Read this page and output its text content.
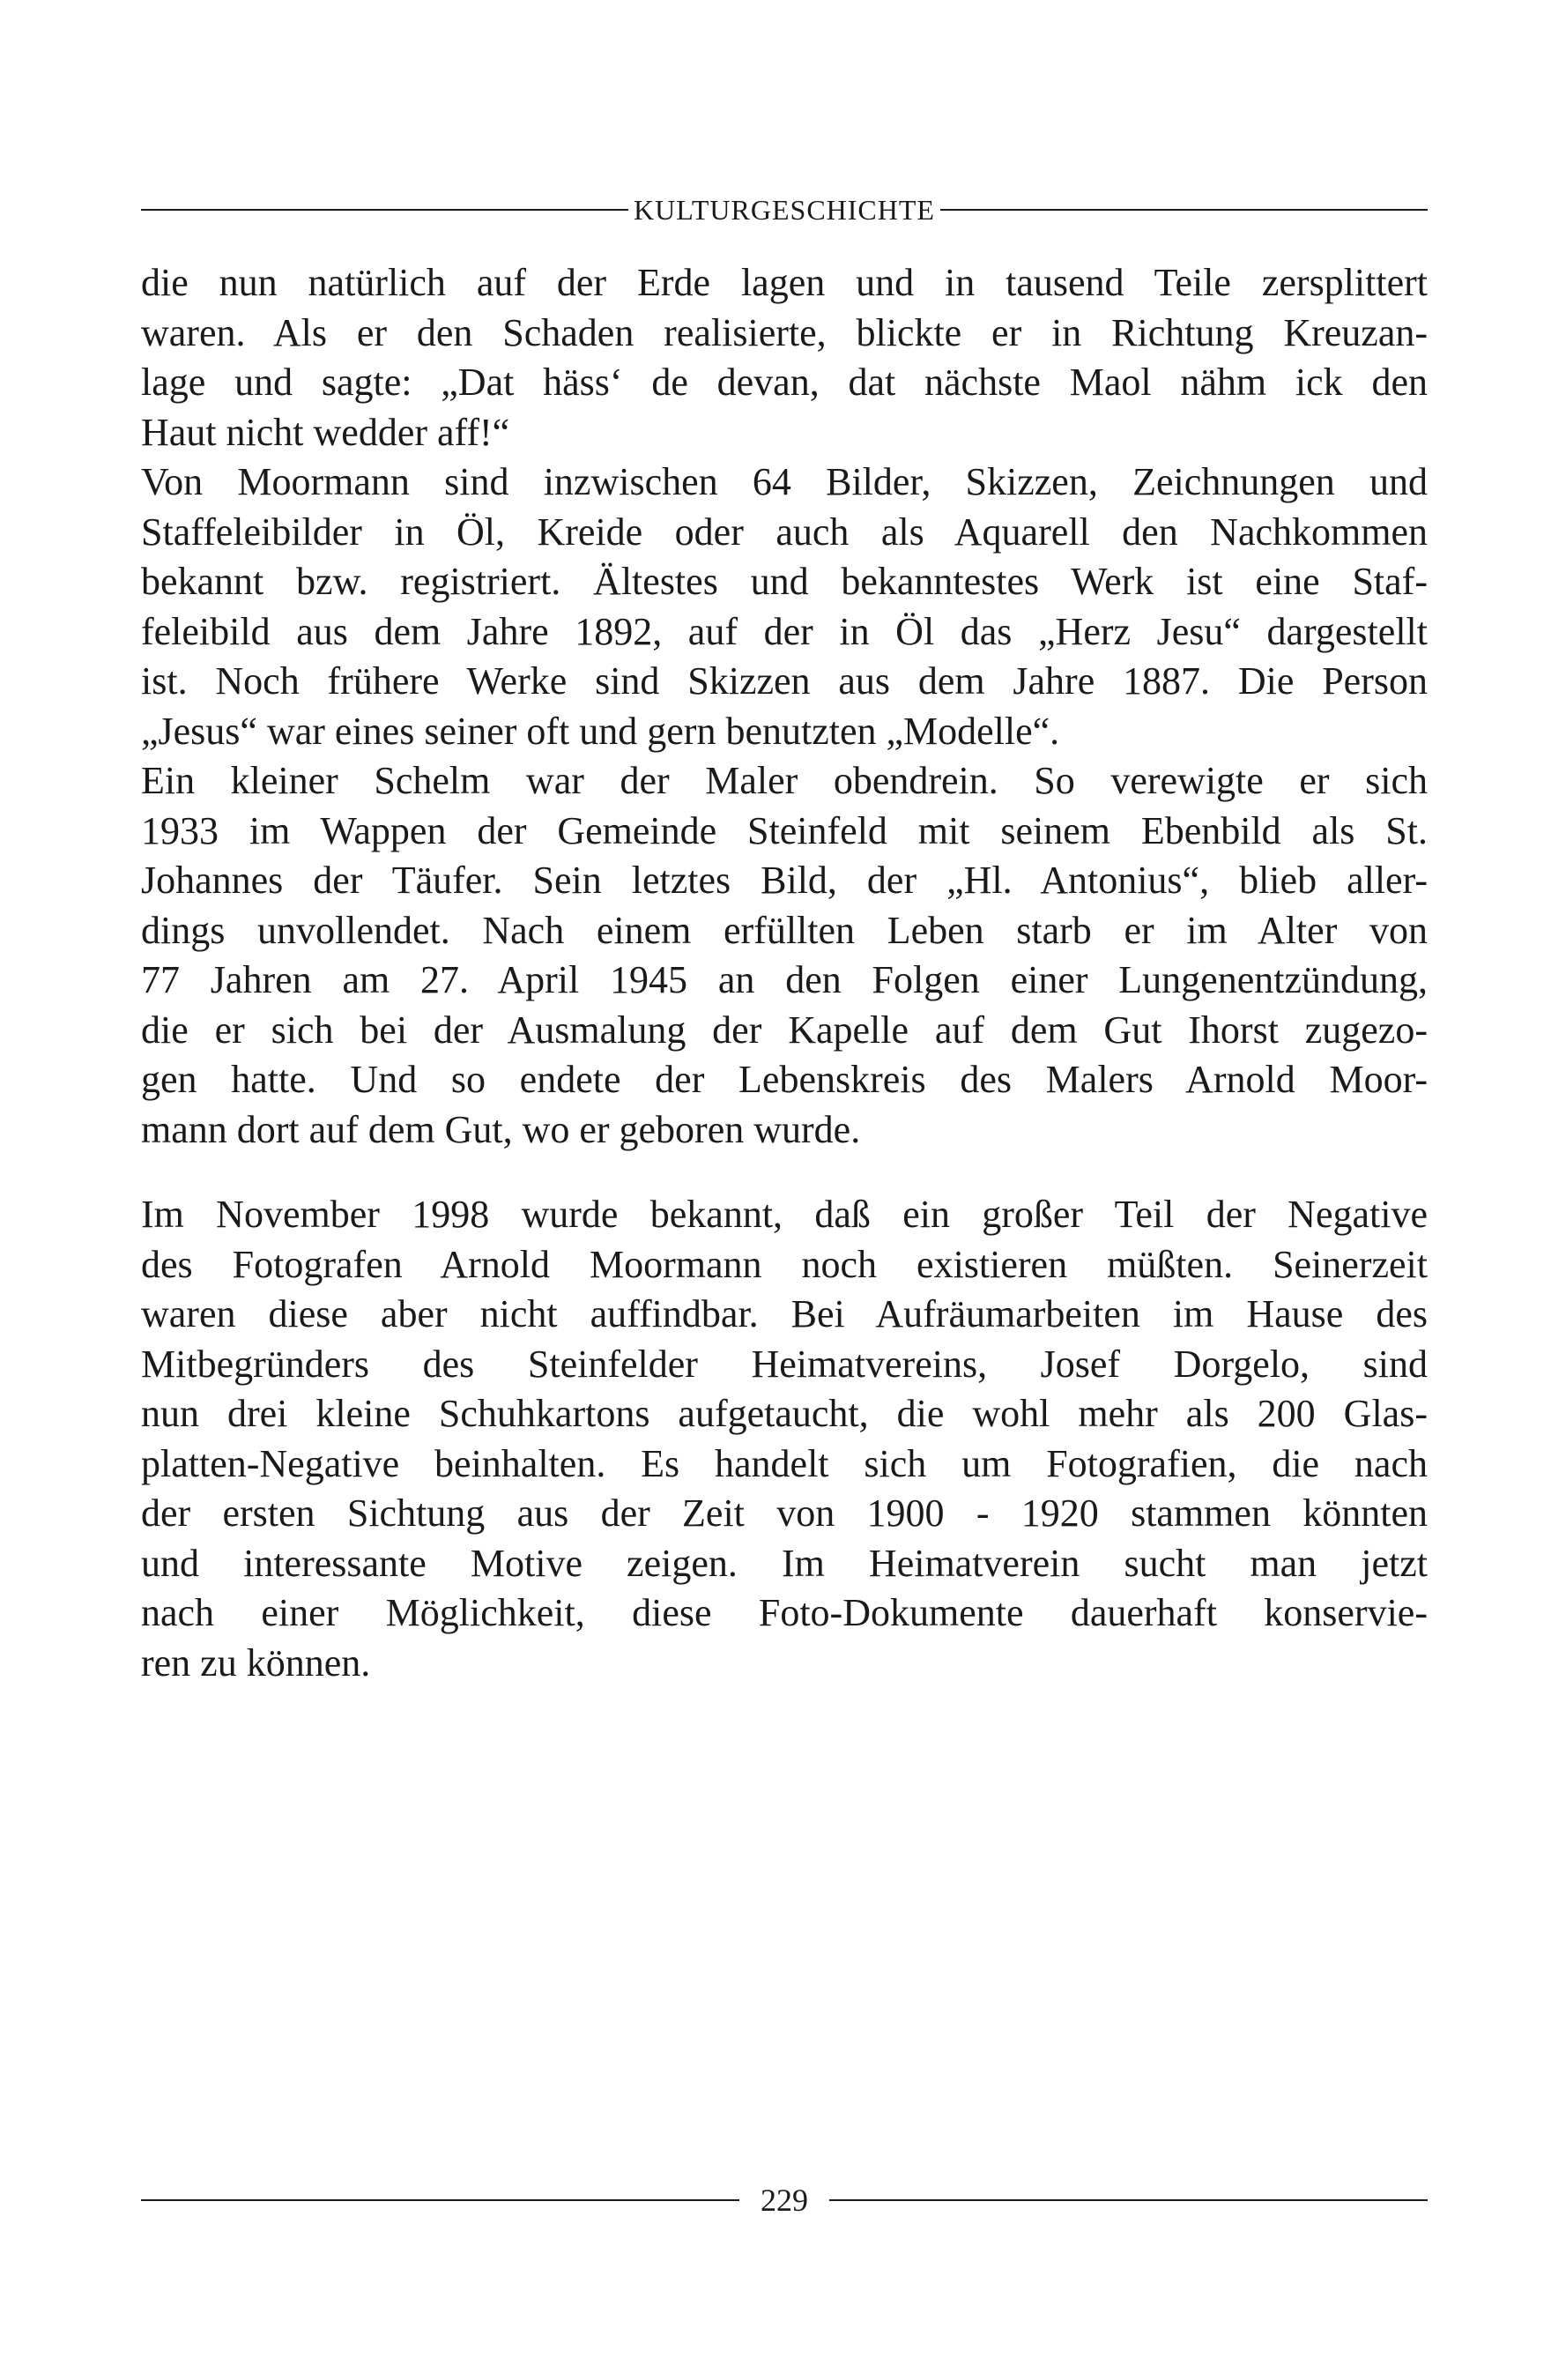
KULTURGESCHICHTE
die nun natürlich auf der Erde lagen und in tausend Teile zersplittert
waren. Als er den Schaden realisierte, blickte er in Richtung Kreuzan-
lage und sagte: „Dat häss‘ de devan, dat nächste Maol nähm ick den
Haut nicht wedder aff!“
Von Moormann sind inzwischen 64 Bilder, Skizzen, Zeichnungen und
Staffeleibilder in Öl, Kreide oder auch als Aquarell den Nachkommen
bekannt bzw. registriert. Ältestes und bekanntestes Werk ist eine Staf-
feleibild aus dem Jahre 1892, auf der in Öl das „Herz Jesu“ dargestellt
ist. Noch frühere Werke sind Skizzen aus dem Jahre 1887. Die Person
„Jesus“ war eines seiner oft und gern benutzten „Modelle“.
Ein kleiner Schelm war der Maler obendrein. So verewigte er sich
1933 im Wappen der Gemeinde Steinfeld mit seinem Ebenbild als St.
Johannes der Täufer. Sein letztes Bild, der „Hl. Antonius“, blieb aller-
dings unvollendet. Nach einem erfüllten Leben starb er im Alter von
77 Jahren am 27. April 1945 an den Folgen einer Lungenentzündung,
die er sich bei der Ausmalung der Kapelle auf dem Gut Ihorst zugezo-
gen hatte. Und so endete der Lebenskreis des Malers Arnold Moor-
mann dort auf dem Gut, wo er geboren wurde.
Im November 1998 wurde bekannt, daß ein großer Teil der Negative
des Fotografen Arnold Moormann noch existieren müßten. Seinerzeit
waren diese aber nicht auffindbar. Bei Aufräumarbeiten im Hause des
Mitbegründers des Steinfelder Heimatvereins, Josef Dorgelo, sind
nun drei kleine Schuhkartons aufgetaucht, die wohl mehr als 200 Glas-
platten-Negative beinhalten. Es handelt sich um Fotografien, die nach
der ersten Sichtung aus der Zeit von 1900 - 1920 stammen könnten
und interessante Motive zeigen. Im Heimatverein sucht man jetzt
nach einer Möglichkeit, diese Foto-Dokumente dauerhaft konservie-
ren zu können.
229
